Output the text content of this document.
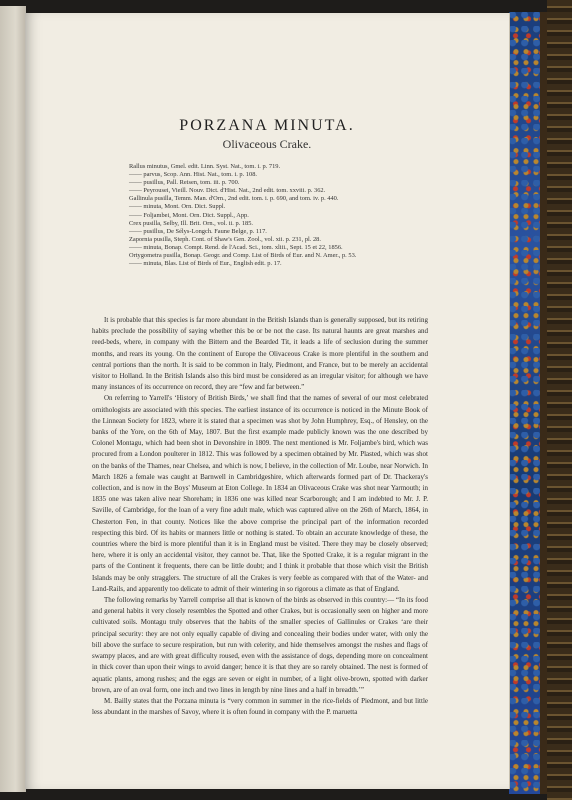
PORZANA MINUTA.
Olivaceous Crake.
Rallus minutus, Gmel. edit. Linn. Syst. Nat., tom. i. p. 719.
—— parvus, Scop. Ann. Hist. Nat., tom. i. p. 108.
—— pusillus, Pall. Reisen, tom. iii. p. 700.
—— Peyrousei, Vieill. Nouv. Dict. d'Hist. Nat., 2nd edit. tom. xxviii. p. 362.
Gallinula pusilla, Temm. Man. d'Orn., 2nd edit. tom. i. p. 690, and tom. iv. p. 440.
—— minuta, Mont. Orn. Dict. Suppl.
—— Foljambei, Mont. Orn. Dict. Suppl., App.
Crex pusilla, Selby, Ill. Brit. Orn., vol. ii. p. 185.
—— pusillus, De Sélys-Longch. Faune Belge, p. 117.
Zapornia pusilla, Steph. Cont. of Shaw's Gen. Zool., vol. xii. p. 231, pl. 28.
—— minuta, Bonap. Compt. Rend. de l'Acad. Sci., tom. xliii., Sept. 15 et 22, 1856.
Ortygometra pusilla, Bonap. Geogr. and Comp. List of Birds of Eur. and N. Amer., p. 53.
—— minuta, Blas. List of Birds of Eur., English edit. p. 17.

It is probable that this species is far more abundant in the British Islands than is generally supposed, but its retiring habits preclude the possibility of saying whether this be or be not the case. Its natural haunts are great marshes and reed-beds, where, in company with the Bittern and the Bearded Tit, it leads a life of seclusion during the summer months, and rears its young. On the continent of Europe the Olivaceous Crake is more plentiful in the southern and central portions than the north. It is said to be common in Italy, Piedmont, and France, but to be merely an accidental visitor to Holland. In the British Islands also this bird must be considered as an irregular visitor; for although we have many instances of its occurrence on record, they are “few and far between.”

On referring to Yarrell's ‘History of British Birds,’ we shall find that the names of several of our most celebrated ornithologists are associated with this species. The earliest instance of its occurrence is noticed in the Minute Book of the Linnean Society for 1823, where it is stated that a specimen was shot by John Humphrey, Esq., of Hensley, on the banks of the Yore, on the 6th of May, 1807. But the first example made publicly known was the one described by Colonel Montagu, which had been shot in Devonshire in 1809. The next mentioned is Mr. Foljambe's bird, which was procured from a London poulterer in 1812. This was followed by a specimen obtained by Mr. Plasted, which was shot on the banks of the Thames, near Chelsea, and which is now, I believe, in the collection of Mr. Loube, near Norwich. In March 1826 a female was caught at Barnwell in Cambridgeshire, which afterwards formed part of Dr. Thackeray's collection, and is now in the Boys' Museum at Eton College. In 1834 an Olivaceous Crake was shot near Yarmouth; in 1835 one was taken alive near Shoreham; in 1836 one was killed near Scarborough; and I am indebted to Mr. J. P. Saville, of Cambridge, for the loan of a very fine adult male, which was captured alive on the 26th of March, 1864, in Chesterton Fen, in that county. Notices like the above comprise the principal part of the information recorded respecting this bird. Of its habits or manners little or nothing is stated. To obtain an accurate knowledge of these, the countries where the bird is more plentiful than it is in England must be visited. There they may be closely observed; here, where it is only an accidental visitor, they cannot be. That, like the Spotted Crake, it is a regular migrant in the parts of the Continent it frequents, there can be little doubt; and I think it probable that those which visit the British Islands may be only stragglers. The structure of all the Crakes is very feeble as compared with that of the Water- and Land-Rails, and apparently too delicate to admit of their wintering in so rigorous a climate as that of England.

The following remarks by Yarrell comprise all that is known of the birds as observed in this country:— “In its food and general habits it very closely resembles the Spotted and other Crakes, but is occasionally seen on higher and more cultivated soils. Montagu truly observes that the habits of the smaller species of Gallinules or Crakes ‘are their principal security: they are not only equally capable of diving and concealing their bodies under water, with only the bill above the surface to secure respiration, but run with celerity, and hide themselves amongst the rushes and flags of swampy places, and are with great difficulty roused, even with the assistance of dogs, depending more on concealment in thick cover than upon their wings to avoid danger; hence it is that they are so rarely obtained. The nest is formed of aquatic plants, among rushes; and the eggs are seven or eight in number, of a light olive-brown, spotted with darker brown, are of an oval form, one inch and two lines in length by nine lines and a half in breadth.’”

M. Bailly states that the Porzana minuta is “very common in summer in the rice-fields of Piedmont, and but little less abundant in the marshes of Savoy, where it is often found in company with the P. maruetta
